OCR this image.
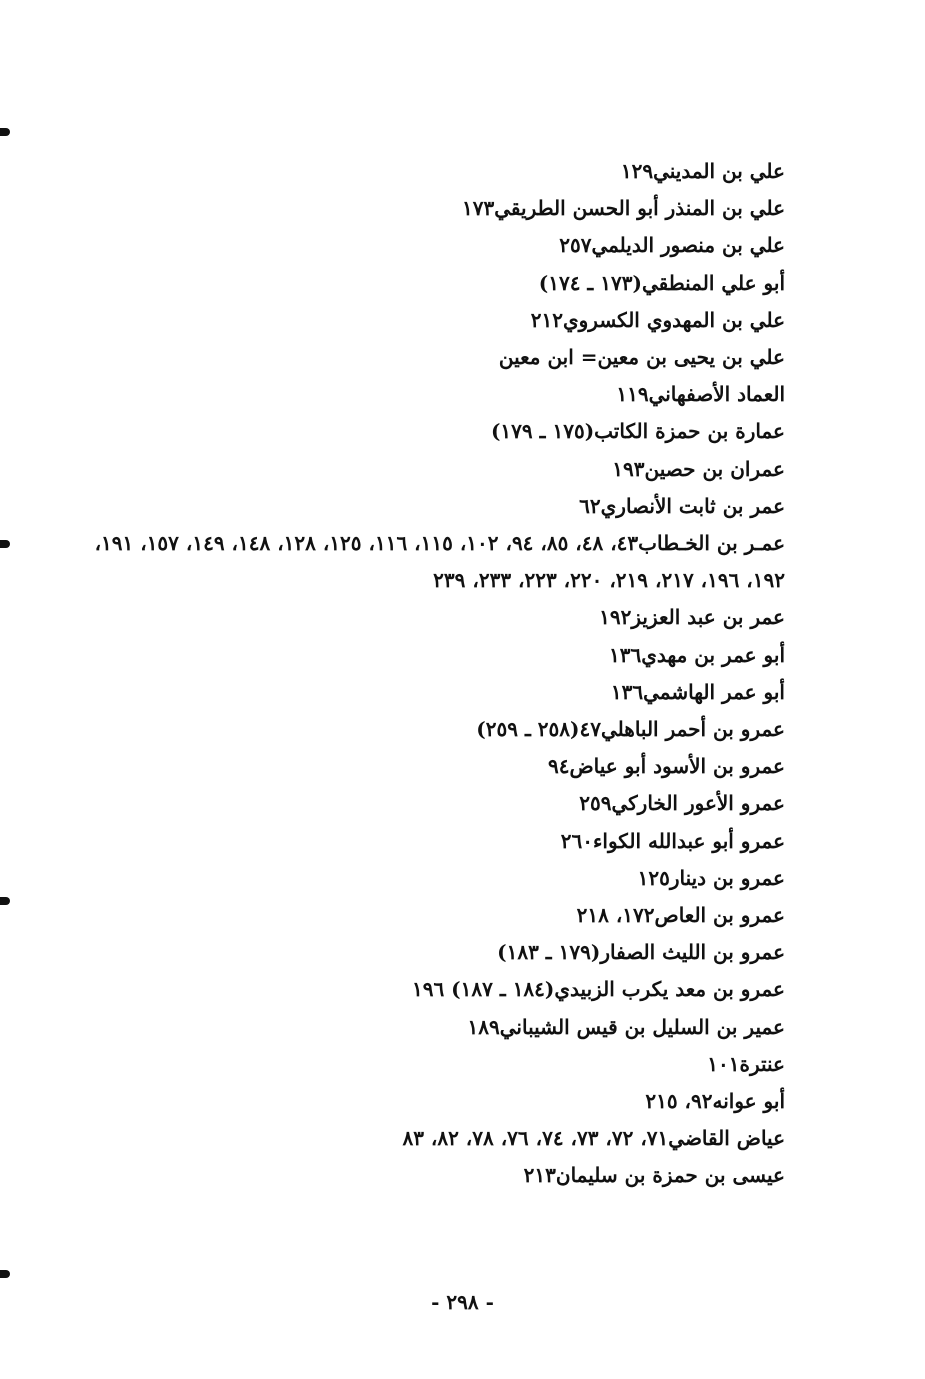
علي بن المديني١٢٩
علي بن المنذر أبو الحسن الطريقي١٧٣
علي بن منصور الديلمي٢٥٧
أبو علي المنطقي(١٧٣ ـ ١٧٤)
علي بن المهدوي الكسروي٢١٢
علي بن يحيى بن معين= ابن معين
العماد الأصفهاني١١٩
عمارة بن حمزة الكاتب(١٧٥ ـ ١٧٩)
عمران بن حصين١٩٣
عمر بن ثابت الأنصاري٦٢
عمـر بن الخـطاب٤٣، ٤٨، ٨٥، ٩٤، ١٠٢، ١١٥، ١١٦، ١٢٥، ١٢٨، ١٤٨، ١٤٩، ١٥٧، ١٩١، ١٩٢، ١٩٦، ٢١٧، ٢١٩، ٢٢٠، ٢٢٣، ٢٣٣، ٢٣٩
عمر بن عبد العزيز١٩٢
أبو عمر بن مهدي١٣٦
أبو عمر الهاشمي١٣٦
عمرو بن أحمر الباهلي٤٧(٢٥٨ ـ ٢٥٩)
عمرو بن الأسود أبو عياض٩٤
عمرو الأعور الخاركي٢٥٩
عمرو أبو عبدالله الكواء٢٦٠
عمرو بن دينار١٢٥
عمرو بن العاص١٧٢، ٢١٨
عمرو بن الليث الصفار(١٧٩ ـ ١٨٣)
عمرو بن معد يكرب الزبيدي(١٨٤ ـ ١٨٧) ١٩٦
عمير بن السليل بن قيس الشيباني١٨٩
عنترة١٠١
أبو عوانه٩٢، ٢١٥
عياض القاضي٧١، ٧٢، ٧٣، ٧٤، ٧٦، ٧٨، ٨٢، ٨٣
عيسى بن حمزة بن سليمان٢١٣
- ٢٩٨ -
